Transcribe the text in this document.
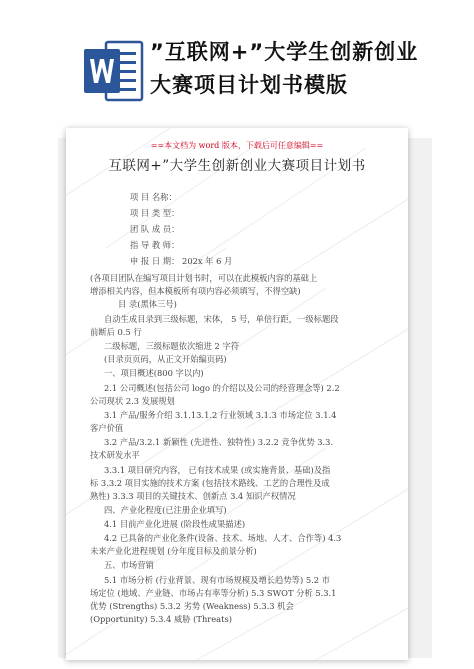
”互联网+”大学生创新创业
大赛项目计划书模版
==本文档为 word 版本，下载后可任意编辑==
互联网+”大学生创新创业大赛项目计划书
项 目 名称：
项 目 类 型：
团 队 成 员：
指 导 教 师：
申 报 日 期： 202x 年 6 月
(各项目团队在编写项目计划书时，可以在此模板内容的基础上
增添相关内容，但本模板所有项内容必须填写，不得空缺)
目 录(黑体三号)
自动生成目录到三级标题，宋体， 5 号，单倍行距，一级标题段
前断后 0.5 行
二级标题，三级标题依次缩进 2 字符
(目录页页码，从正文开始编页码)
一、项目概述(800 字以内)
2.1 公司概述(包括公司 logo 的介绍以及公司的经营理念等) 2.2
公司现状 2.3 发展规划
3.1 产品/服务介绍 3.1.13.1.2 行业领域 3.1.3 市场定位 3.1.4
客户价值
3.2 产品/3.2.1 新颖性 (先进性、独特性) 3.2.2 竞争优势 3.3.
技术研发水平
3.3.1 项目研究内容， 已有技术成果 (或实施背景、基础)及指
标 3.3.2 项目实施的技术方案 (包括技术路线、工艺的合理性及成
熟性) 3.3.3 项目的关键技术、创新点 3.4 知识产权情况
四、产业化程度(已注册企业填写)
4.1 目前产业化进展 (阶段性成果描述)
4.2 已具备的产业化条件(设备、技术、场地、人才、合作等) 4.3
未来产业化进程规划 (分年度目标及前景分析)
五、市场营销
5.1 市场分析 (行业背景、现有市场规模及增长趋势等) 5.2 市
场定位 (地域、产业链、市场占有率等分析) 5.3 SWOT 分析 5.3.1
优势 (Strengths) 5.3.2 劣势 (Weakness) 5.3.3 机会
(Opportunity) 5.3.4 威胁 (Threats)
